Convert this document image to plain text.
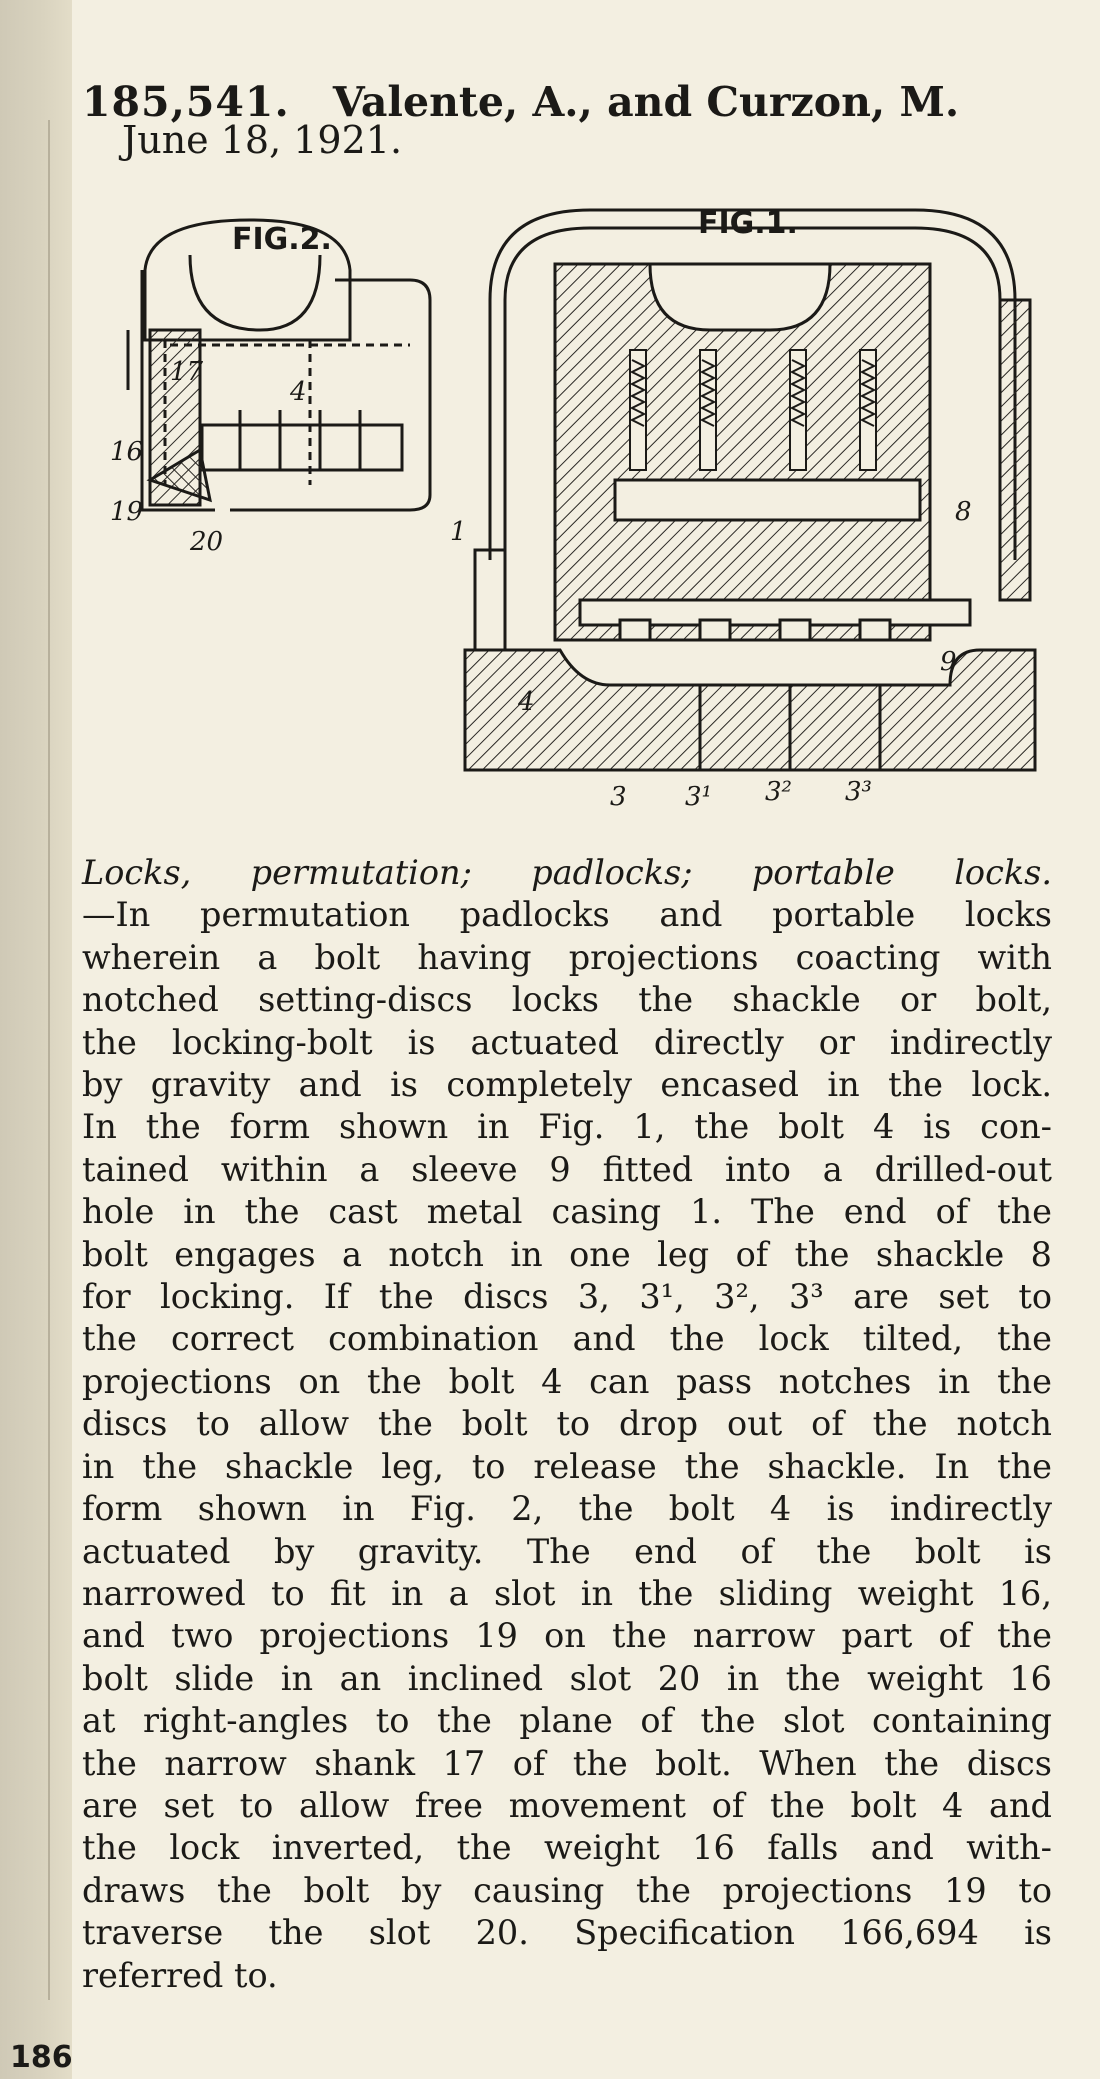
185,541. Valente, A., and Curzon, M.
June 18, 1921.
FIG.2.	FIG.1.
17
4
16
19
20	1
8
9
4
3 3¹ 3² 3³
Locks, permutation; padlocks; portable locks.
—In permutation padlocks and portable locks
wherein a bolt having projections coacting with
notched setting-discs locks the shackle or bolt,
the locking-bolt is actuated directly or indirectly
by gravity and is completely encased in the lock.
In the form shown in Fig. 1, the bolt 4 is con-
tained within a sleeve 9 fitted into a drilled-out
hole in the cast metal casing 1. The end of the
bolt engages a notch in one leg of the shackle 8
for locking. If the discs 3, 3¹, 3², 3³ are set to
the correct combination and the lock tilted, the
projections on the bolt 4 can pass notches in the
discs to allow the bolt to drop out of the notch
in the shackle leg, to release the shackle. In the
form shown in Fig. 2, the bolt 4 is indirectly
actuated by gravity. The end of the bolt is
narrowed to fit in a slot in the sliding weight 16,
and two projections 19 on the narrow part of the
bolt slide in an inclined slot 20 in the weight 16
at right-angles to the plane of the slot containing
the narrow shank 17 of the bolt. When the discs
are set to allow free movement of the bolt 4 and
the lock inverted, the weight 16 falls and with-
draws the bolt by causing the projections 19 to
traverse the slot 20. Specification 166,694 is
referred to.
186
